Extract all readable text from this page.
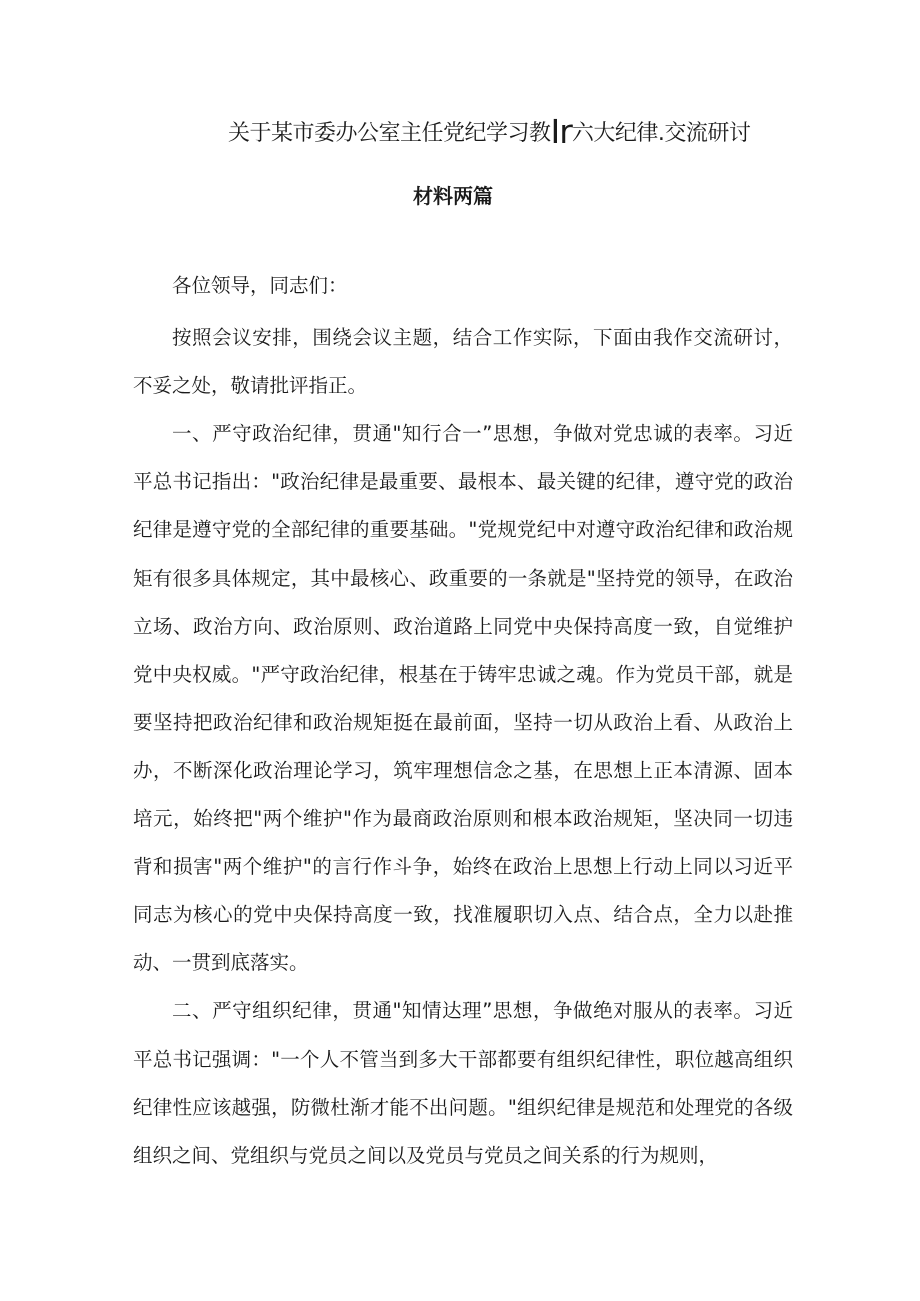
关于某市委办公室主任党纪学习教Ir六大纪律.交流研讨
材料两篇

各位领导，同志们：

按照会议安排，围绕会议主题，结合工作实际，下面由我作交流研讨，不妥之处，敬请批评指正。

一、严守政治纪律，贯通"知行合一”思想，争做对党忠诚的表率。习近平总书记指出："政治纪律是最重要、最根本、最关键的纪律，遵守党的政治纪律是遵守党的全部纪律的重要基础。"党规党纪中对遵守政治纪律和政治规矩有很多具体规定，其中最核心、政重要的一条就是"坚持党的领导，在政治立场、政治方向、政治原则、政治道路上同党中央保持高度一致，自觉维护党中央权威。"严守政治纪律，根基在于铸牢忠诚之魂。作为党员干部，就是要坚持把政治纪律和政治规矩挺在最前面，坚持一切从政治上看、从政治上办，不断深化政治理论学习，筑牢理想信念之基，在思想上正本清源、固本培元，始终把"两个维护"作为最商政治原则和根本政治规矩，坚决同一切违背和损害"两个维护"的言行作斗争，始终在政治上思想上行动上同以习近平同志为核心的党中央保持高度一致，找准履职切入点、结合点，全力以赴推动、一贯到底落实。

二、严守组织纪律，贯通"知情达理”思想，争做绝对服从的表率。习近平总书记强调："一个人不管当到多大干部都要有组织纪律性，职位越高组织纪律性应该越强，防微杜渐才能不出问题。"组织纪律是规范和处理党的各级组织之间、党组织与党员之间以及党员与党员之间关系的行为规则，
